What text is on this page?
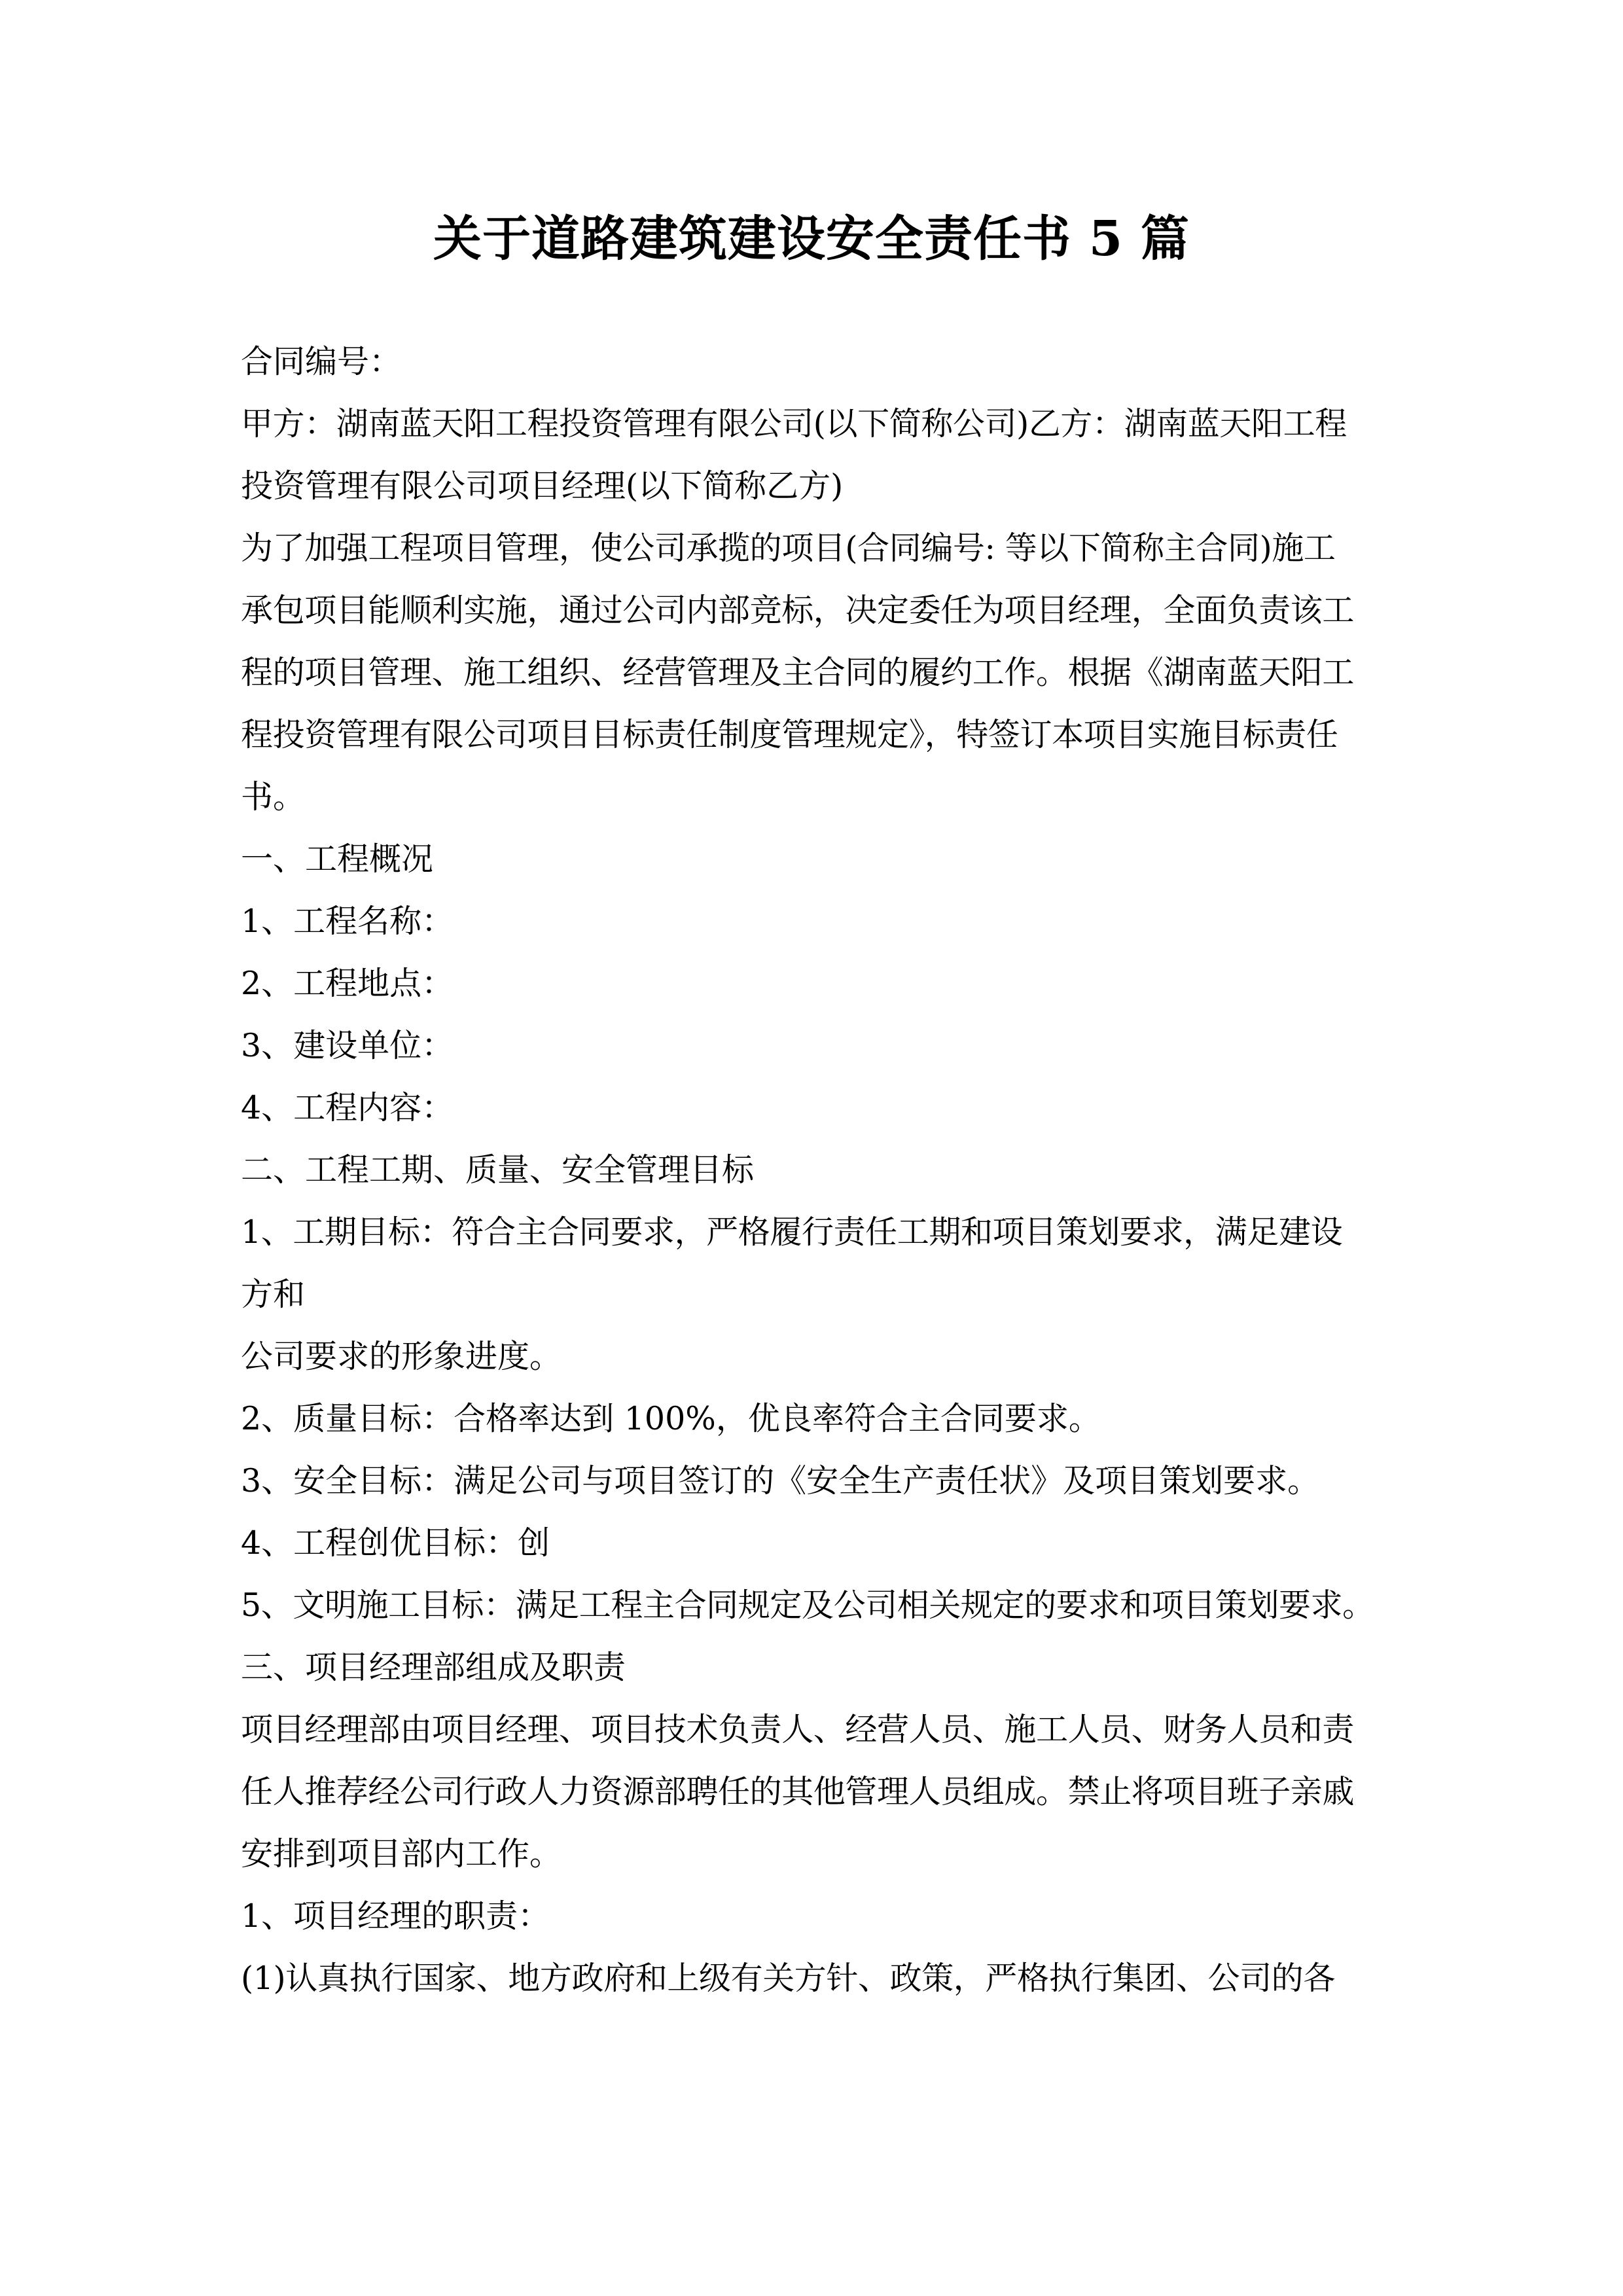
关于道路建筑建设安全责任书 5 篇
合同编号：
甲方：湖南蓝天阳工程投资管理有限公司(以下简称公司)乙方：湖南蓝天阳工程
投资管理有限公司项目经理(以下简称乙方)
为了加强工程项目管理，使公司承揽的项目(合同编号: 等以下简称主合同)施工
承包项目能顺利实施，通过公司内部竞标，决定委任为项目经理，全面负责该工
程的项目管理、施工组织、经营管理及主合同的履约工作。根据《湖南蓝天阳工
程投资管理有限公司项目目标责任制度管理规定》，特签订本项目实施目标责任
书。
一、工程概况
1、工程名称：
2、工程地点：
3、建设单位：
4、工程内容：
二、工程工期、质量、安全管理目标
1、工期目标：符合主合同要求，严格履行责任工期和项目策划要求，满足建设
方和
公司要求的形象进度。
2、质量目标：合格率达到 100%，优良率符合主合同要求。
3、安全目标：满足公司与项目签订的《安全生产责任状》及项目策划要求。
4、工程创优目标：创
5、文明施工目标：满足工程主合同规定及公司相关规定的要求和项目策划要求。
三、项目经理部组成及职责
项目经理部由项目经理、项目技术负责人、经营人员、施工人员、财务人员和责
任人推荐经公司行政人力资源部聘任的其他管理人员组成。禁止将项目班子亲戚
安排到项目部内工作。
1、项目经理的职责：
(1)认真执行国家、地方政府和上级有关方针、政策，严格执行集团、公司的各
